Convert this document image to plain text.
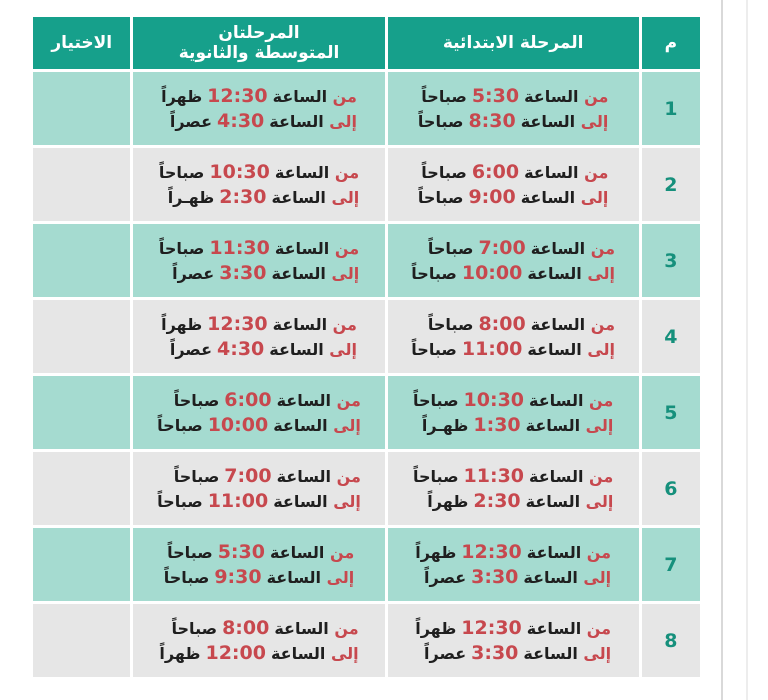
م	المرحلة الابتدائية	المرحلتان
المتوسطة والثانوية	الاختيار
1	من الساعة5:30صباحاً
إلى الساعة8:30صباحاً	من الساعة12:30ظهراً
إلى الساعة4:30عصراً	

2	من الساعة6:00صباحاً
إلى الساعة9:00صباحاً	من الساعة10:30صباحاً
إلى الساعة2:30ظهـراً	

3	من الساعة7:00صباحاً
إلى الساعة10:00صباحاً	من الساعة11:30صباحاً
إلى الساعة3:30عصراً	

4	من الساعة8:00صباحاً
إلى الساعة11:00صباحاً	من الساعة12:30ظهراً
إلى الساعة4:30عصراً	

5	من الساعة10:30صباحاً
إلى الساعة1:30ظهـراً	من الساعة6:00صباحاً
إلى الساعة10:00صباحاً	

6	من الساعة11:30صباحاً
إلى الساعة2:30ظهراً	من الساعة7:00صباحاً
إلى الساعة11:00صباحاً	

7	من الساعة12:30ظهراً
إلى الساعة3:30عصراً	من الساعة5:30صباحاً
إلى الساعة9:30صباحاً	

8	من الساعة12:30ظهراً
إلى الساعة3:30عصراً	من الساعة8:00صباحاً
إلى الساعة12:00ظهراً	
